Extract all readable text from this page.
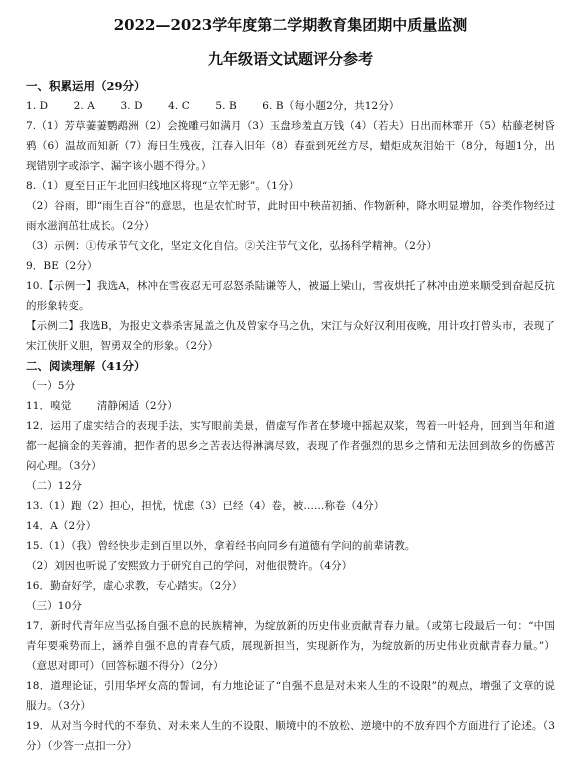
2022—2023学年度第二学期教育集团期中质量监测
九年级语文试题评分参考
一、积累运用（29分）

1. D 2. A 3. D 4. C 5. B 6. B（每小题2分，共12分）

7.（1）芳草萋萋鹦鹉洲（2）会挽雕弓如满月（3）玉盘珍羞直万钱（4）（若夫）日出而林霏开（5）枯藤老树昏鸦（6）温故而知新（7）海日生残夜，江春入旧年（8）春蚕到死丝方尽，蜡炬成灰泪始干（8分，每题1分，出现错别字或添字、漏字该小题不得分。）

8.（1）夏至日正午北回归线地区将现“立竿无影”。（1分）

（2）谷雨，即“雨生百谷”的意思，也是农忙时节，此时田中秧苗初插、作物新种，降水明显增加，谷类作物经过雨水滋润茁壮成长。（2分）

（3）示例：①传承节气文化，坚定文化自信。②关注节气文化，弘扬科学精神。（2分）

9．BE（2分）

10.【示例一】我选A，林冲在雪夜忍无可忍怒杀陆谦等人，被逼上梁山，雪夜烘托了林冲由逆来顺受到奋起反抗的形象转变。

【示例二】我选B，为报史文恭杀害晁盖之仇及曾家夺马之仇，宋江与众好汉利用夜晚，用计攻打曾头市，表现了宋江侠肝义胆，智勇双全的形象。（2分）

二、阅读理解（41分）

（一）5分

11．嗅觉 清静闲适（2分）

12．运用了虚实结合的表现手法，实写眼前美景，借虚写作者在梦境中摇起双桨，驾着一叶轻舟，回到当年和道都一起摘金的芙蓉浦，把作者的思乡之苦表达得淋漓尽致，表现了作者强烈的思乡之情和无法回到故乡的伤感苦闷心理。（3分）

（二）12分

13.（1）跑（2）担心，担忧，忧虑（3）已经（4）卷，被……称卷（4分）

14．A（2分）

15.（1）（我）曾经快步走到百里以外，拿着经书向同乡有道德有学问的前辈请教。

（2）刘因也听说了安熙致力于研究自己的学问，对他很赞许。（4分）

16．勤奋好学，虚心求教，专心踏实。（2分）

（三）10分

17．新时代青年应当弘扬自强不息的民族精神，为绽放新的历史伟业贡献青春力量。（或第七段最后一句：“中国青年要乘势而上，涵养自强不息的青春气质，展现新担当，实现新作为，为绽放新的历史伟业贡献青春力量。”）（意思对即可）（回答标题不得分）（2分）

18．道理论证，引用华坪女高的誓词，有力地论证了“自强不息是对未来人生的不设限”的观点，增强了文章的说服力。（3分）

19．从对当今时代的不奉负、对未来人生的不设限、顺境中的不放松、逆境中的不放弃四个方面进行了论述。（3分）（少答一点扣一分）
